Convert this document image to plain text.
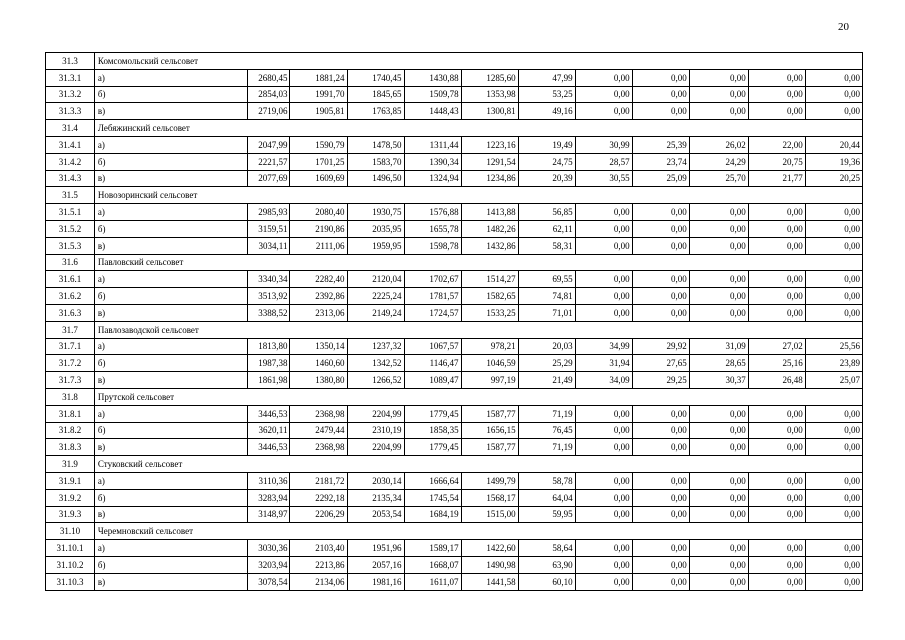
20
31.3	Комсомольский сельсовет											
31.3.1	а)	2680,45	1881,24	1740,45	1430,88	1285,60	47,99	0,00	0,00	0,00	0,00	0,00
31.3.2	б)	2854,03	1991,70	1845,65	1509,78	1353,98	53,25	0,00	0,00	0,00	0,00	0,00
31.3.3	в)	2719,06	1905,81	1763,85	1448,43	1300,81	49,16	0,00	0,00	0,00	0,00	0,00
31.4	Лебяжинский сельсовет											
31.4.1	а)	2047,99	1590,79	1478,50	1311,44	1223,16	19,49	30,99	25,39	26,02	22,00	20,44
31.4.2	б)	2221,57	1701,25	1583,70	1390,34	1291,54	24,75	28,57	23,74	24,29	20,75	19,36
31.4.3	в)	2077,69	1609,69	1496,50	1324,94	1234,86	20,39	30,55	25,09	25,70	21,77	20,25
31.5	Новозоринский сельсовет											
31.5.1	а)	2985,93	2080,40	1930,75	1576,88	1413,88	56,85	0,00	0,00	0,00	0,00	0,00
31.5.2	б)	3159,51	2190,86	2035,95	1655,78	1482,26	62,11	0,00	0,00	0,00	0,00	0,00
31.5.3	в)	3034,11	2111,06	1959,95	1598,78	1432,86	58,31	0,00	0,00	0,00	0,00	0,00
31.6	Павловский сельсовет											
31.6.1	а)	3340,34	2282,40	2120,04	1702,67	1514,27	69,55	0,00	0,00	0,00	0,00	0,00
31.6.2	б)	3513,92	2392,86	2225,24	1781,57	1582,65	74,81	0,00	0,00	0,00	0,00	0,00
31.6.3	в)	3388,52	2313,06	2149,24	1724,57	1533,25	71,01	0,00	0,00	0,00	0,00	0,00
31.7	Павлозаводской сельсовет											
31.7.1	а)	1813,80	1350,14	1237,32	1067,57	978,21	20,03	34,99	29,92	31,09	27,02	25,56
31.7.2	б)	1987,38	1460,60	1342,52	1146,47	1046,59	25,29	31,94	27,65	28,65	25,16	23,89
31.7.3	в)	1861,98	1380,80	1266,52	1089,47	997,19	21,49	34,09	29,25	30,37	26,48	25,07
31.8	Прутской сельсовет											
31.8.1	а)	3446,53	2368,98	2204,99	1779,45	1587,77	71,19	0,00	0,00	0,00	0,00	0,00
31.8.2	б)	3620,11	2479,44	2310,19	1858,35	1656,15	76,45	0,00	0,00	0,00	0,00	0,00
31.8.3	в)	3446,53	2368,98	2204,99	1779,45	1587,77	71,19	0,00	0,00	0,00	0,00	0,00
31.9	Стуковский сельсовет											
31.9.1	а)	3110,36	2181,72	2030,14	1666,64	1499,79	58,78	0,00	0,00	0,00	0,00	0,00
31.9.2	б)	3283,94	2292,18	2135,34	1745,54	1568,17	64,04	0,00	0,00	0,00	0,00	0,00
31.9.3	в)	3148,97	2206,29	2053,54	1684,19	1515,00	59,95	0,00	0,00	0,00	0,00	0,00
31.10	Черемновский сельсовет											
31.10.1	а)	3030,36	2103,40	1951,96	1589,17	1422,60	58,64	0,00	0,00	0,00	0,00	0,00
31.10.2	б)	3203,94	2213,86	2057,16	1668,07	1490,98	63,90	0,00	0,00	0,00	0,00	0,00
31.10.3	в)	3078,54	2134,06	1981,16	1611,07	1441,58	60,10	0,00	0,00	0,00	0,00	0,00
